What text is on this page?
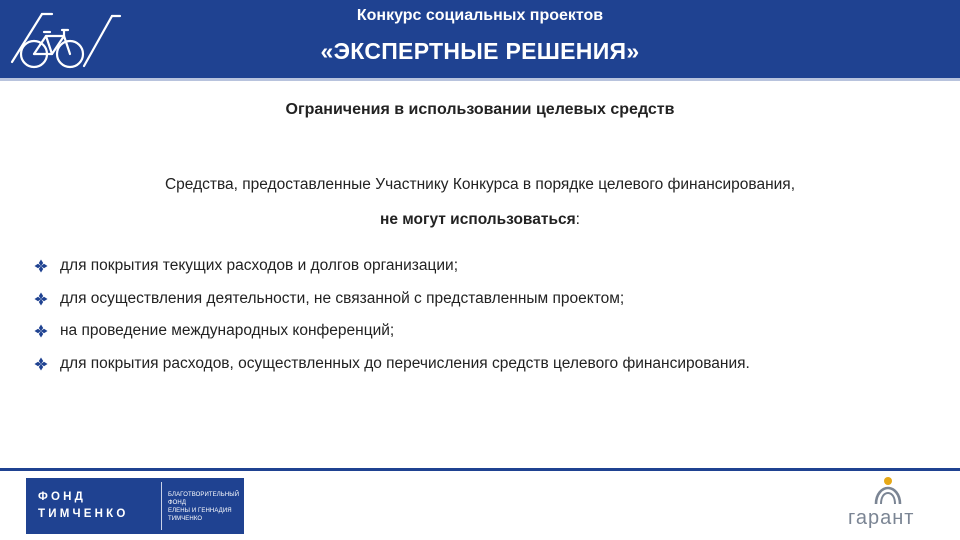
Конкурс социальных проектов
«ЭКСПЕРТНЫЕ РЕШЕНИЯ»
Ограничения в использовании целевых средств
Средства, предоставленные Участнику Конкурса в порядке целевого финансирования,
не могут использоваться:
для покрытия текущих расходов и долгов организации;
для осуществления деятельности, не связанной с представленным проектом;
на проведение международных конференций;
для покрытия расходов, осуществленных до перечисления средств целевого финансирования.
ФОНД
ТИМЧЕНКО
БЛАГОТВОРИТЕЛЬНЫЙ ФОНД
ЕЛЕНЫ И ГЕННАДИЯ
ТИМЧЕНКО	гарант
